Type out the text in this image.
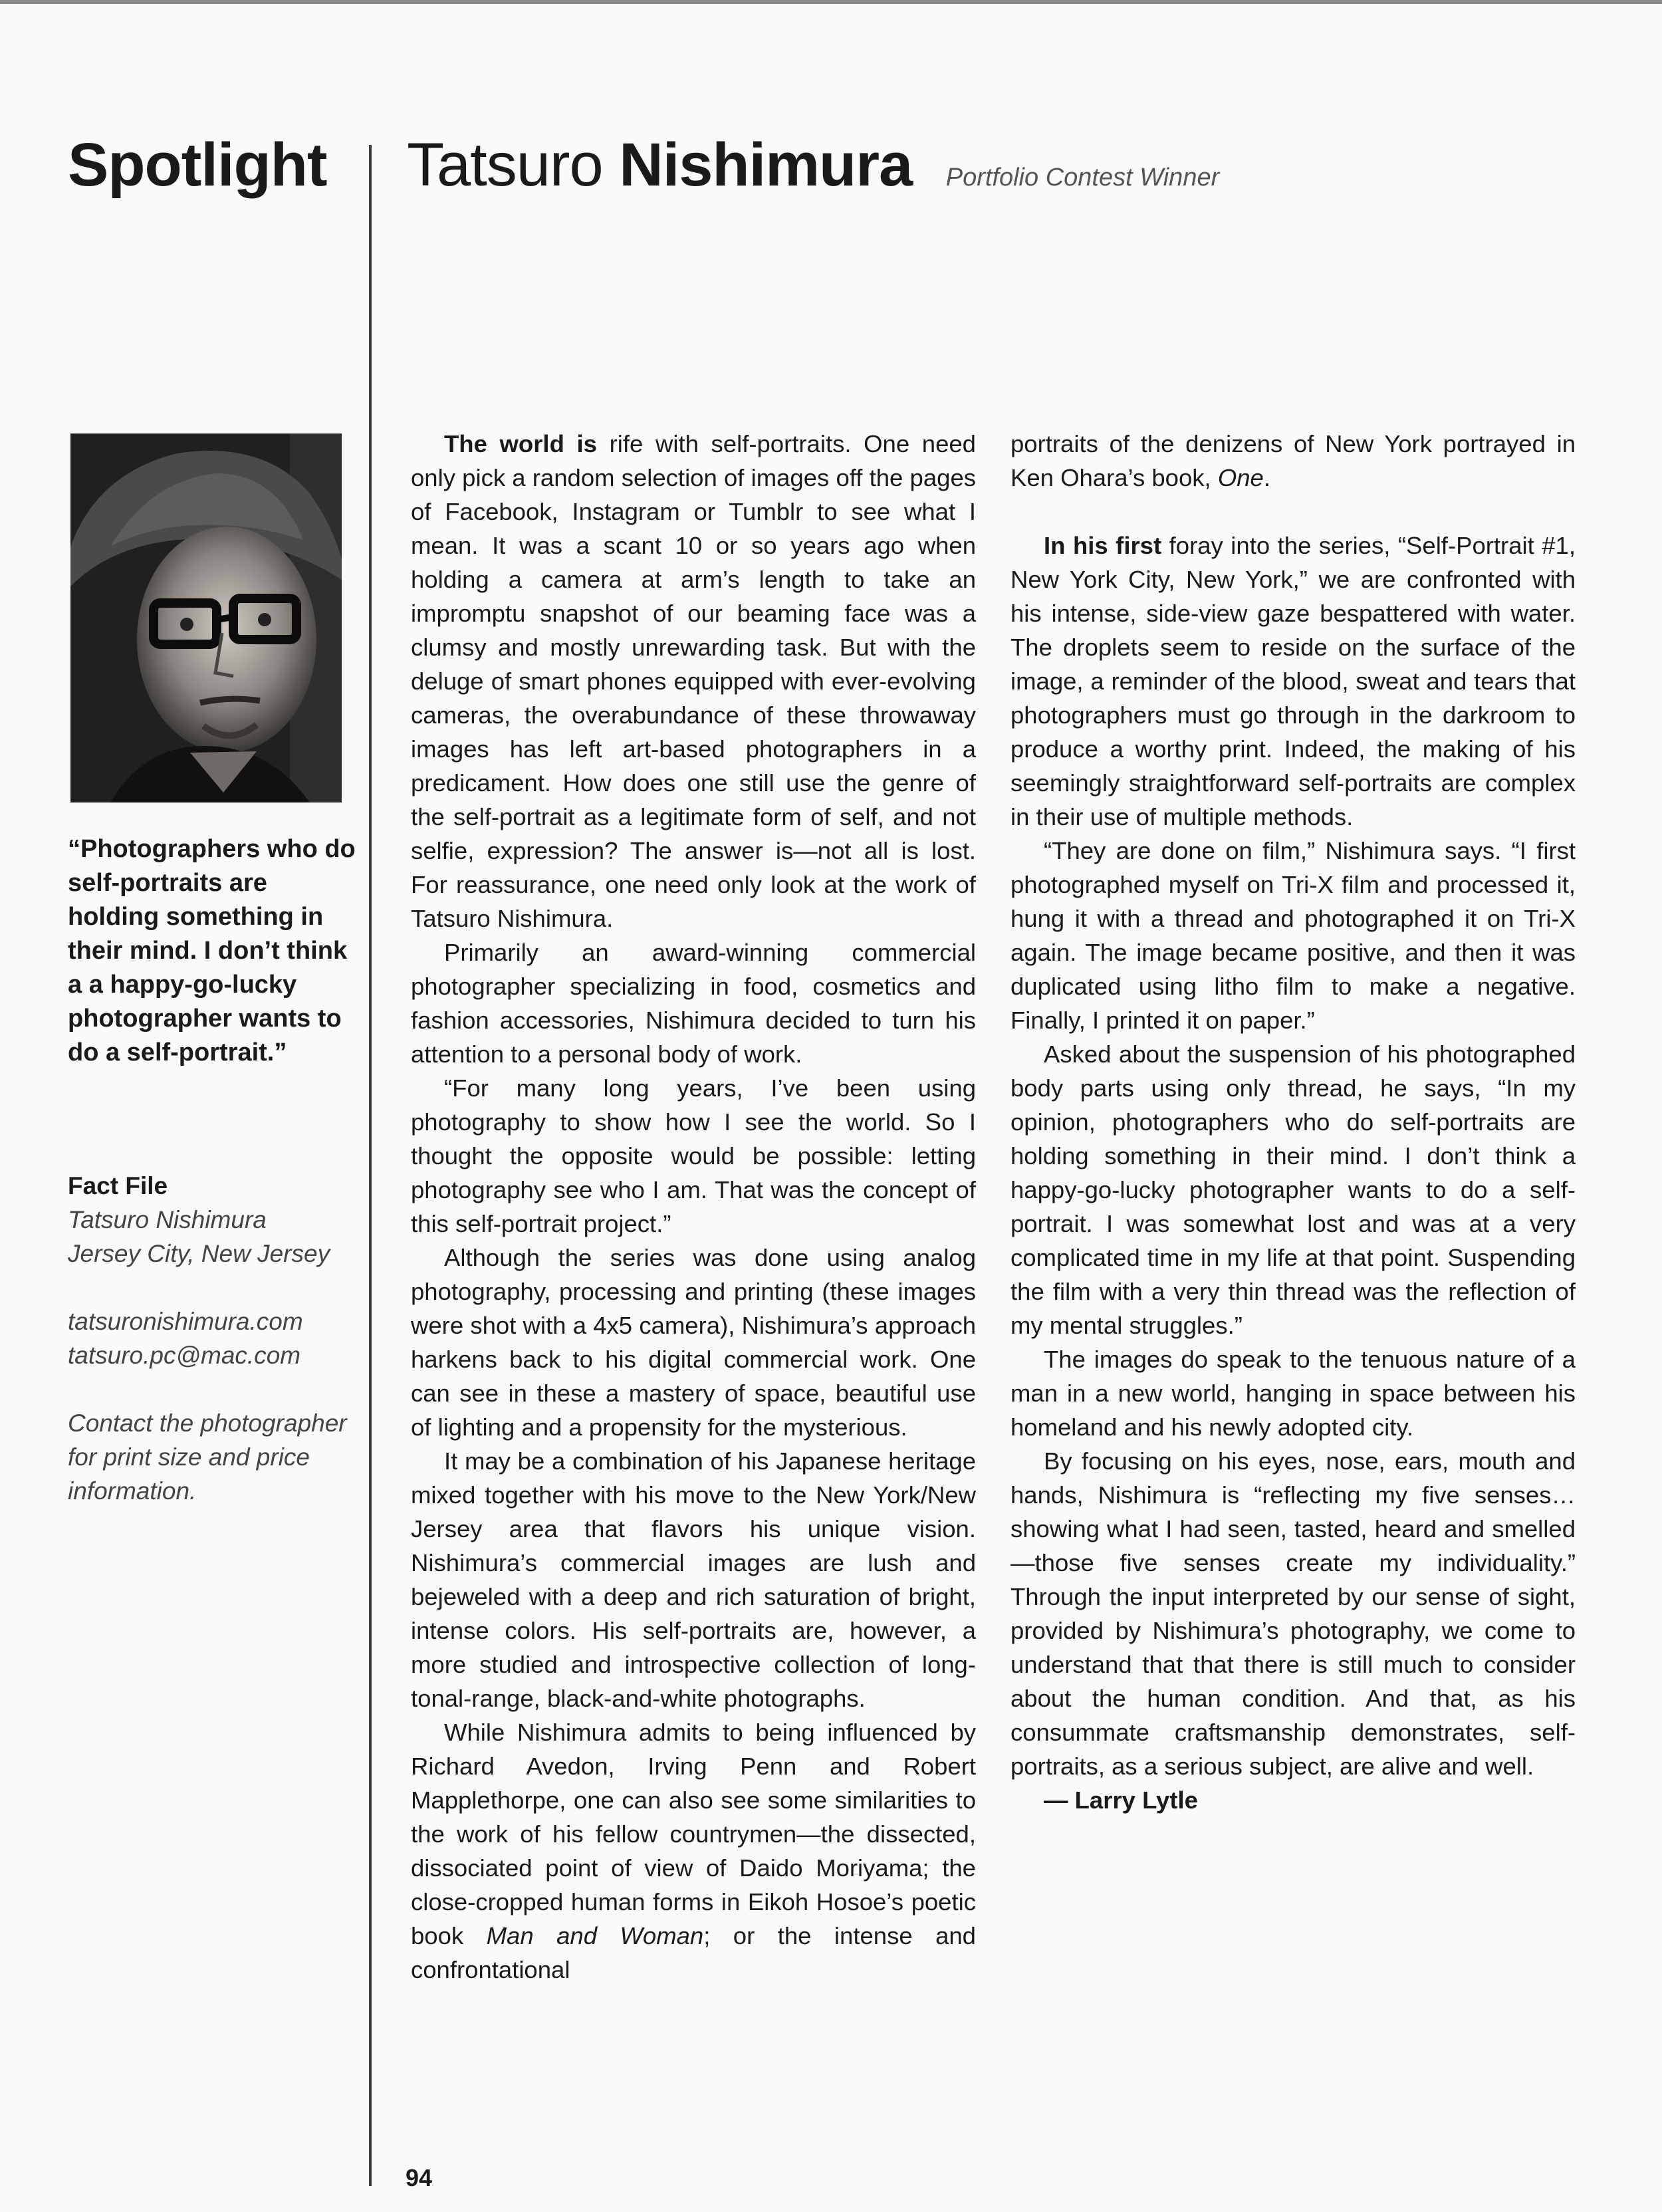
Spotlight Tatsuro Nishimura Portfolio Contest Winner
“Photographers who do self-portraits are holding something in their mind. I don’t think a a happy-go-lucky photographer wants to do a self-portrait.”
Fact File
Tatsuro Nishimura
Jersey City, New Jersey
tatsuronishimura.com
tatsuro.pc@mac.com
Contact the photographer for print size and price information.

The world is rife with self-portraits. One need only pick a random selection of images off the pages of Facebook, Instagram or Tumblr to see what I mean. It was a scant 10 or so years ago when holding a camera at arm’s length to take an impromptu snapshot of our beaming face was a clumsy and mostly unrewarding task. But with the deluge of smart phones equipped with ever-evolving cameras, the overabundance of these throwaway images has left art-based photographers in a predicament. How does one still use the genre of the self-portrait as a legitimate form of self, and not selfie, expression? The answer is—not all is lost. For reassurance, one need only look at the work of Tatsuro Nishimura.

Primarily an award-winning commercial photographer specializing in food, cosmetics and fashion accessories, Nishimura decided to turn his attention to a personal body of work.

“For many long years, I’ve been using photography to show how I see the world. So I thought the opposite would be possible: letting photography see who I am. That was the concept of this self-portrait project.”

Although the series was done using analog photography, processing and printing (these images were shot with a 4x5 camera), Nishimura’s approach harkens back to his digital commercial work. One can see in these a mastery of space, beautiful use of lighting and a propensity for the mysterious.

It may be a combination of his Japanese heritage mixed together with his move to the New York/New Jersey area that flavors his unique vision. Nishimura’s commercial images are lush and bejeweled with a deep and rich saturation of bright, intense colors. His self-portraits are, however, a more studied and introspective collection of long-tonal-range, black-and-white photographs.

While Nishimura admits to being influenced by Richard Avedon, Irving Penn and Robert Mapplethorpe, one can also see some similarities to the work of his fellow countrymen—the dissected, dissociated point of view of Daido Moriyama; the close-cropped human forms in Eikoh Hosoe’s poetic book Man and Woman; or the intense and confrontational

portraits of the denizens of New York portrayed in Ken Ohara’s book, One.

In his first foray into the series, “Self-Portrait #1, New York City, New York,” we are confronted with his intense, side-view gaze bespattered with water. The droplets seem to reside on the surface of the image, a reminder of the blood, sweat and tears that photographers must go through in the darkroom to produce a worthy print. Indeed, the making of his seemingly straightforward self-portraits are complex in their use of multiple methods.

“They are done on film,” Nishimura says. “I first photographed myself on Tri-X film and processed it, hung it with a thread and photographed it on Tri-X again. The image became positive, and then it was duplicated using litho film to make a negative. Finally, I printed it on paper.”

Asked about the suspension of his photographed body parts using only thread, he says, “In my opinion, photographers who do self-portraits are holding something in their mind. I don’t think a happy-go-lucky photographer wants to do a self-portrait. I was somewhat lost and was at a very complicated time in my life at that point. Suspending the film with a very thin thread was the reflection of my mental struggles.”

The images do speak to the tenuous nature of a man in a new world, hanging in space between his homeland and his newly adopted city.

By focusing on his eyes, nose, ears, mouth and hands, Nishimura is “reflecting my five senses…showing what I had seen, tasted, heard and smelled—those five senses create my individuality.” Through the input interpreted by our sense of sight, provided by Nishimura’s photography, we come to understand that that there is still much to consider about the human condition. And that, as his consummate craftsmanship demonstrates, self-portraits, as a serious subject, are alive and well.

— Larry Lytle

94
